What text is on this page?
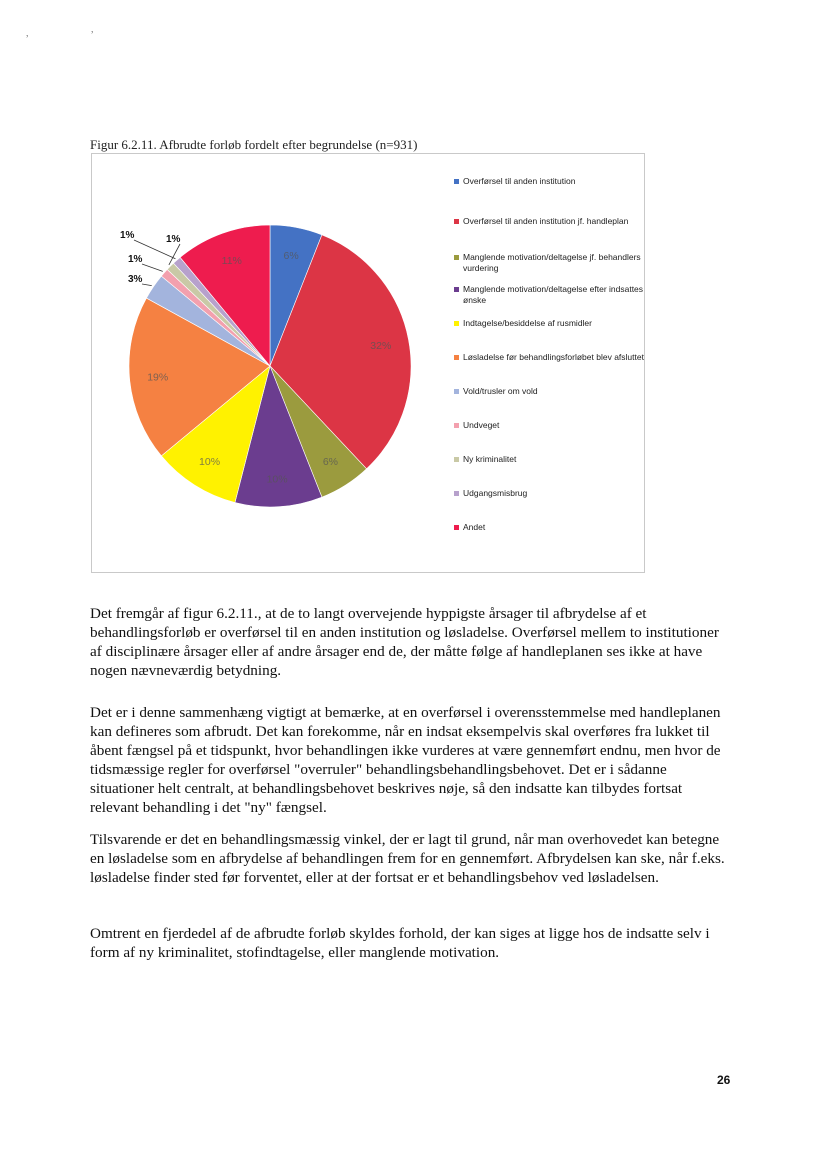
,	,
Figur 6.2.11. Afbrudte forløb fordelt efter begrundelse (n=931)
6%
32%
6%
10%
10%
19%
3%
1%
1%
1%
11%
Overførsel til anden institution
Overførsel til anden institution jf. handleplan
Manglende motivation/deltagelse jf. behandlers vurdering
Manglende motivation/deltagelse efter indsattes ønske
Indtagelse/besiddelse af rusmidler
Løsladelse før behandlingsforløbet blev afsluttet
Vold/trusler om vold
Undveget
Ny kriminalitet
Udgangsmisbrug
Andet

Det fremgår af figur 6.2.11., at de to langt overvejende hyppigste årsager til afbrydelse af et behandlingsforløb er overførsel til en anden institution og løsladelse. Overførsel mellem to institutioner af disciplinære årsager eller af andre årsager end de, der måtte følge af handleplanen ses ikke at have nogen nævneværdig betydning.

Det er i denne sammenhæng vigtigt at bemærke, at en overførsel i overensstemmelse med handleplanen kan defineres som afbrudt. Det kan forekomme, når en indsat eksempelvis skal overføres fra lukket til åbent fængsel på et tidspunkt, hvor behandlingen ikke vurderes at være gennemført endnu, men hvor de tidsmæssige regler for overførsel "overruler" behandlingsbehandlingsbehovet. Det er i sådanne situationer helt centralt, at behandlingsbehovet beskrives nøje, så den indsatte kan tilbydes fortsat relevant behandling i det "ny" fængsel.

Tilsvarende er det en behandlingsmæssig vinkel, der er lagt til grund, når man overhovedet kan betegne en løsladelse som en afbrydelse af behandlingen frem for en gennemført. Afbrydelsen kan ske, når f.eks. løsladelse finder sted før forventet, eller at der fortsat er et behandlingsbehov ved løsladelsen.

Omtrent en fjerdedel af de afbrudte forløb skyldes forhold, der kan siges at ligge hos de indsatte selv i form af ny kriminalitet, stofindtagelse, eller manglende motivation.

26
